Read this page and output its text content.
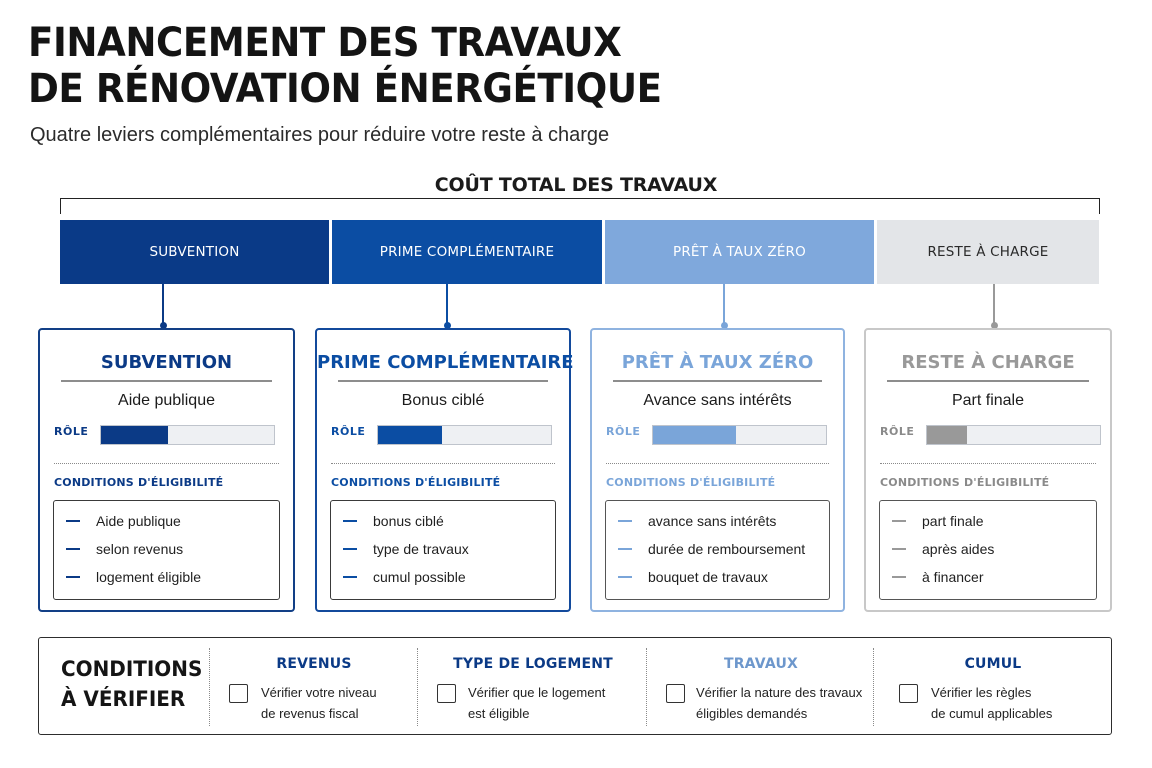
FINANCEMENT DES TRAVAUX
DE RÉNOVATION ÉNERGÉTIQUE
Quatre leviers complémentaires pour réduire votre reste à charge
COÛT TOTAL DES TRAVAUX
SUBVENTION	PRIME COMPLÉMENTAIRE	PRÊT À TAUX ZÉRO	RESTE À CHARGE
SUBVENTION
Aide publique
RÔLE
CONDITIONS D'ÉLIGIBILITÉ
Aide publique
selon revenus
logement éligible
PRIME COMPLÉMENTAIRE
Bonus ciblé
RÔLE
CONDITIONS D'ÉLIGIBILITÉ
bonus ciblé
type de travaux
cumul possible
PRÊT À TAUX ZÉRO
Avance sans intérêts
RÔLE
CONDITIONS D'ÉLIGIBILITÉ
avance sans intérêts
durée de remboursement
bouquet de travaux
RESTE À CHARGE
Part finale
RÔLE
CONDITIONS D'ÉLIGIBILITÉ
part finale
après aides
à financer
CONDITIONS
À VÉRIFIER
REVENUS
Vérifier votre niveau
de revenus fiscal
TYPE DE LOGEMENT
Vérifier que le logement
est éligible
TRAVAUX
Vérifier la nature des travaux
éligibles demandés
CUMUL
Vérifier les règles
de cumul applicables
